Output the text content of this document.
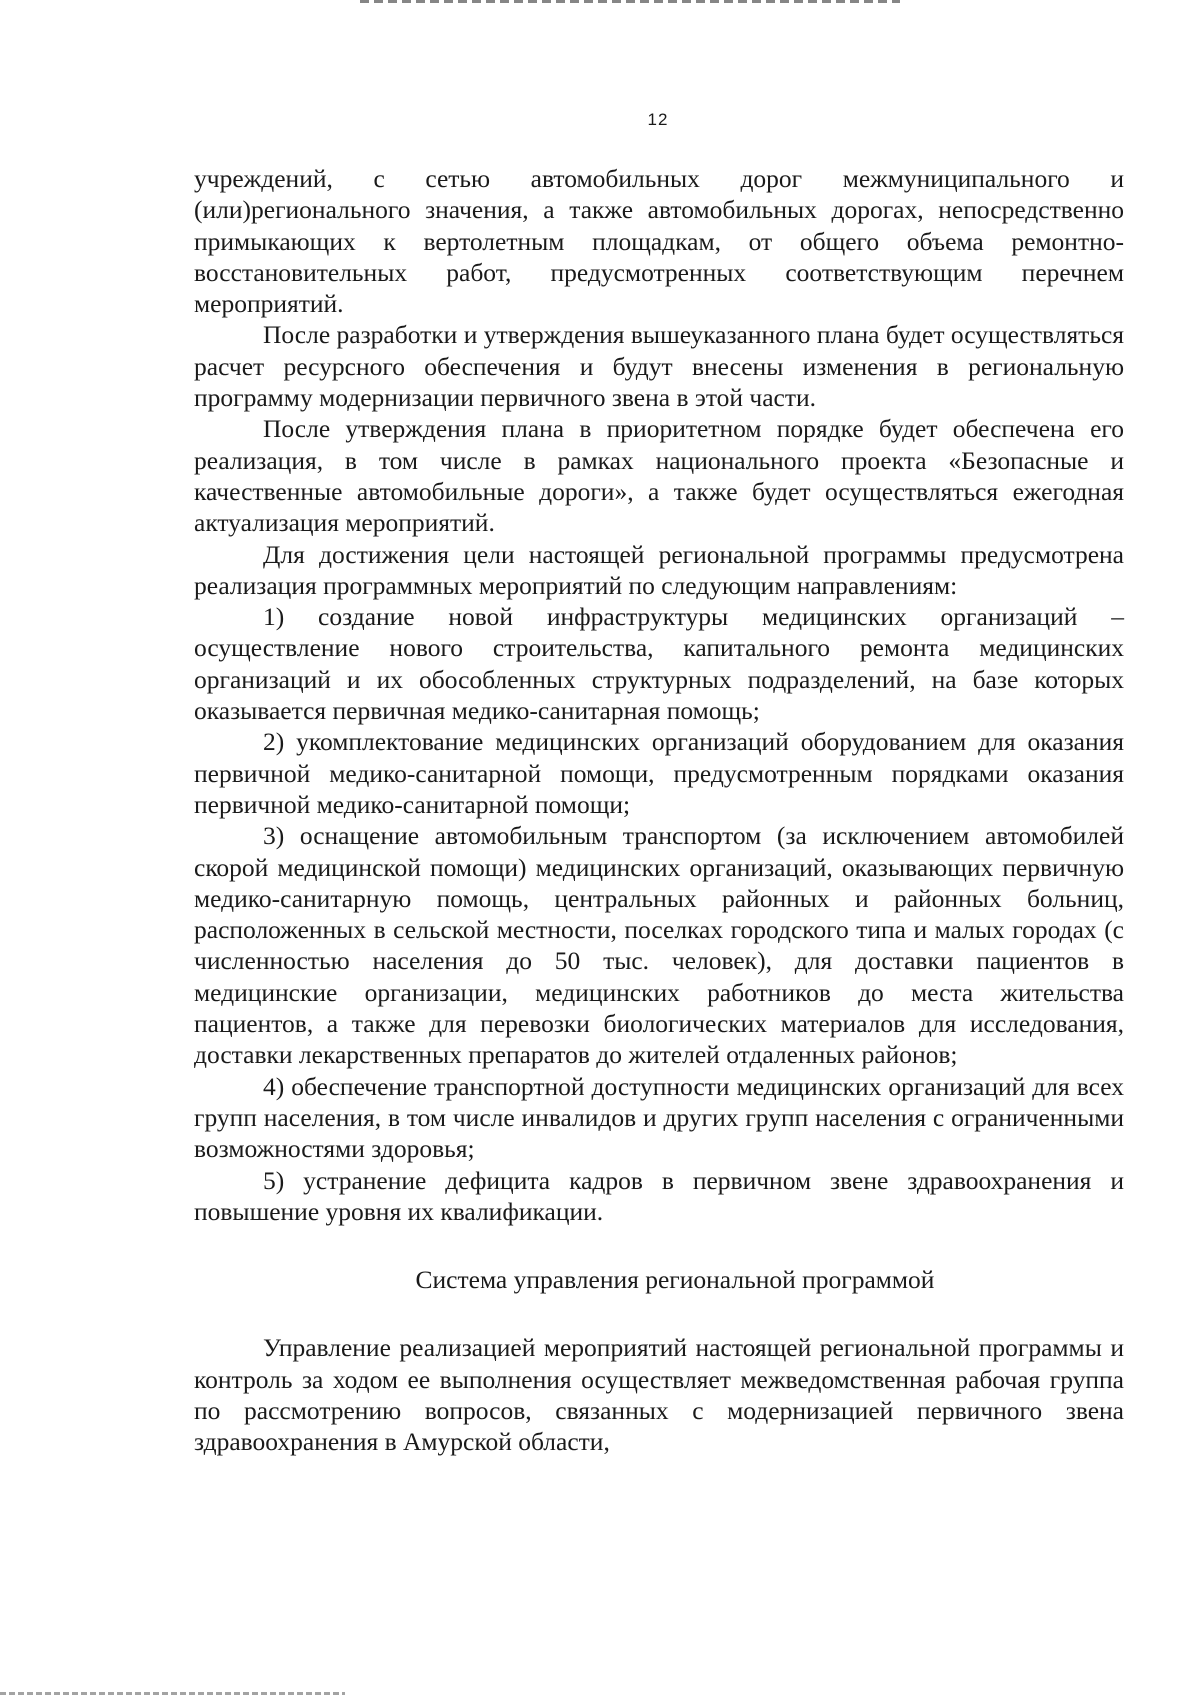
12

учреждений, с сетью автомобильных дорог межмуниципального и (или)регионального значения, а также автомобильных дорогах, непосредственно примыкающих к вертолетным площадкам, от общего объема ремонтно-восстановительных работ, предусмотренных соответствующим перечнем мероприятий.

После разработки и утверждения вышеуказанного плана будет осуществляться расчет ресурсного обеспечения и будут внесены изменения в региональную программу модернизации первичного звена в этой части.

После утверждения плана в приоритетном порядке будет обеспечена его реализация, в том числе в рамках национального проекта «Безопасные и качественные автомобильные дороги», а также будет осуществляться ежегодная актуализация мероприятий.

Для достижения цели настоящей региональной программы предусмотрена реализация программных мероприятий по следующим направлениям:

1) создание новой инфраструктуры медицинских организаций – осуществление нового строительства, капитального ремонта медицинских организаций и их обособленных структурных подразделений, на базе которых оказывается первичная медико-санитарная помощь;

2) укомплектование медицинских организаций оборудованием для оказания первичной медико-санитарной помощи, предусмотренным порядками оказания первичной медико-санитарной помощи;

3) оснащение автомобильным транспортом (за исключением автомобилей скорой медицинской помощи) медицинских организаций, оказывающих первичную медико-санитарную помощь, центральных районных и районных больниц, расположенных в сельской местности, поселках городского типа и малых городах (с численностью населения до 50 тыс. человек), для доставки пациентов в медицинские организации, медицинских работников до места жительства пациентов, а также для перевозки биологических материалов для исследования, доставки лекарственных препаратов до жителей отдаленных районов;

4) обеспечение транспортной доступности медицинских организаций для всех групп населения, в том числе инвалидов и других групп населения с ограниченными возможностями здоровья;

5) устранение дефицита кадров в первичном звене здравоохранения и повышение уровня их квалификации.

Система управления региональной программой

Управление реализацией мероприятий настоящей региональной программы и контроль за ходом ее выполнения осуществляет межведомственная рабочая группа по рассмотрению вопросов, связанных с модернизацией первичного звена здравоохранения в Амурской области,
